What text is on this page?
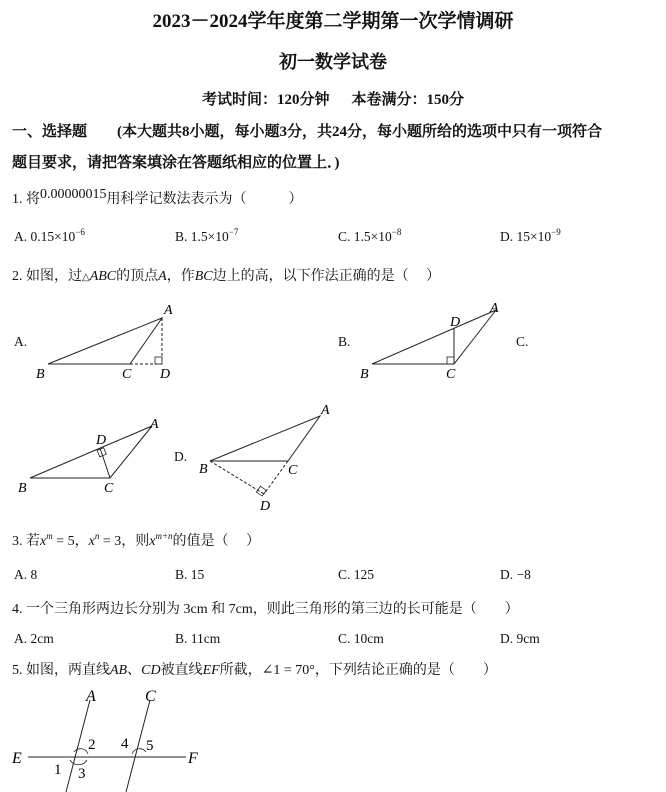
2023－2024学年度第二学期第一次学情调研
初一数学试卷
考试时间：120分钟 本卷满分：150分
一、选择题 (本大题共8小题，每小题3分，共24分，每小题所给的选项中只有一项符合
题目要求，请把答案填涂在答题纸相应的位置上．)
1. 将0.00000015用科学记数法表示为（　　　）
A. $0.15\times 10^{-6}$	B. $1.5\times 10^{-7}$	C. $1.5\times 10^{-8}$	D. $15\times 10^{-9}$
2. 如图，过△ABC的顶点A，作BC边上的高，以下作法正确的是（　 ）
A.	B.	C.
D.
A
B	C D
A
D
B	C
A
D
B	C
A
B	C
D
3. 若$x^m = 5$，$x^n = 3$，则$x^{m+n}$的值是（　 ）
A. 8	B. 15	C. 125	D. −8
4. 一个三角形两边长分别为 3cm 和 7cm，则此三角形的第三边的长可能是（　　）
A. 2cm	B. 11cm	C. 10cm	D. 9cm
5. 如图，两直线AB、CD被直线EF所截，∠1 = 70°，下列结论正确的是（　　）
A	C
E	F
1
2
3
4 5
